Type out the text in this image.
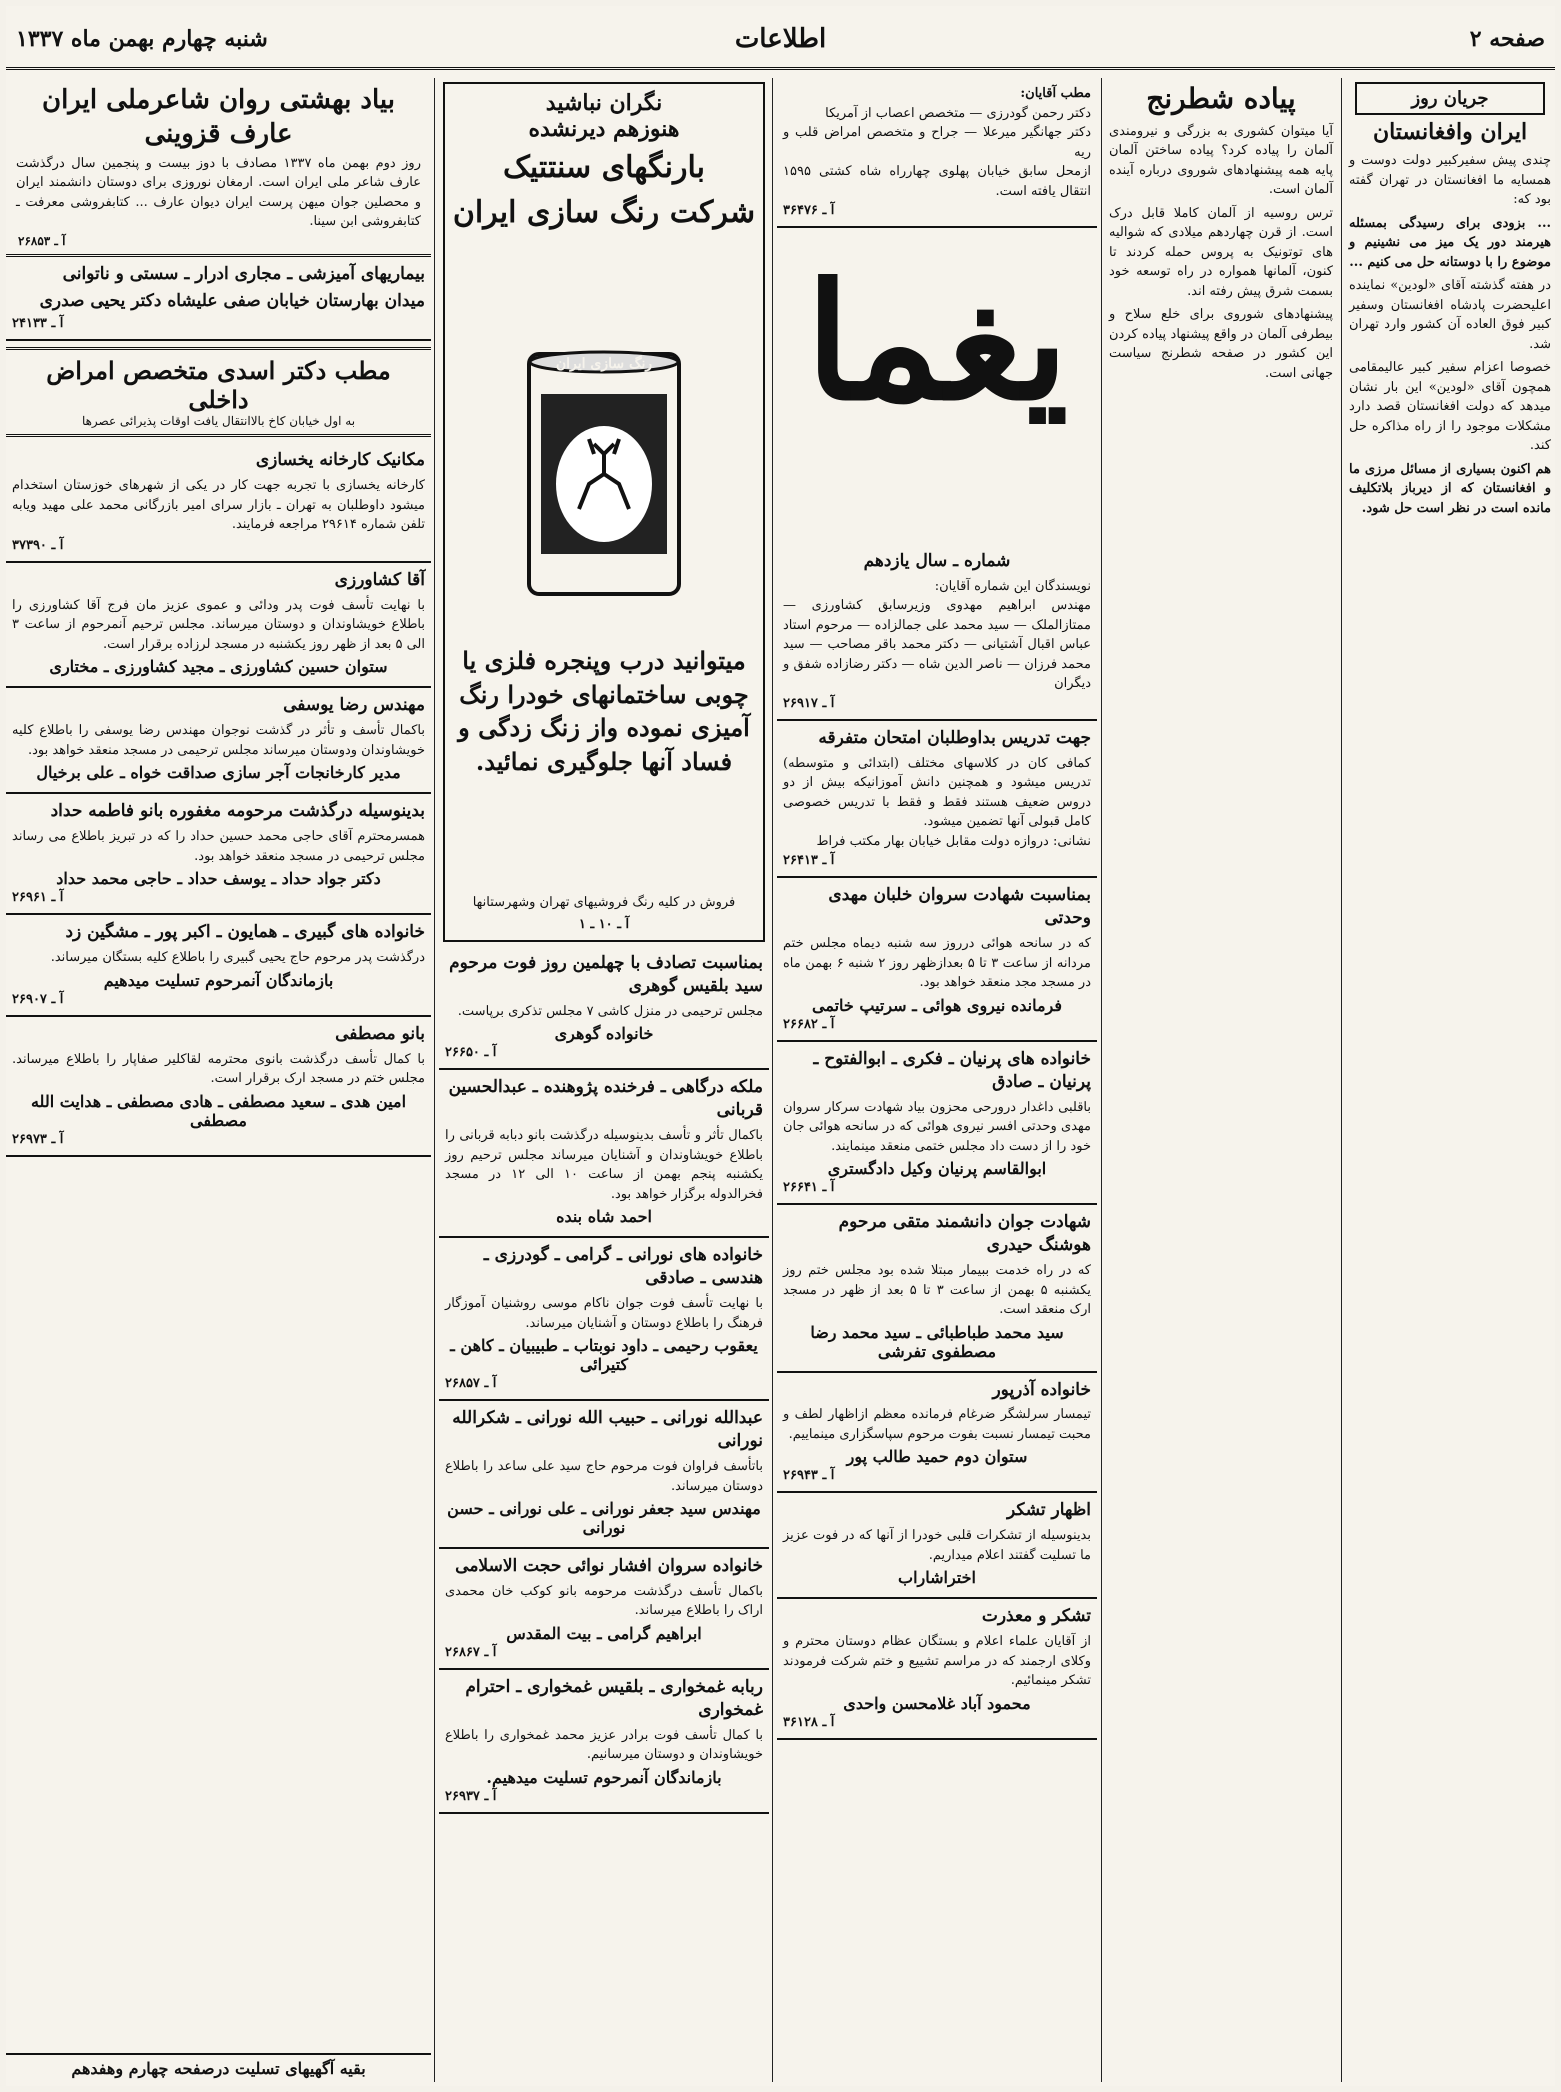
صفحه ۲
اطلاعات
شنبه چهارم بهمن ماه ۱۳۳۷
جریان روز
ایران وافغانستان

چندی پیش سفیرکبیر دولت دوست و همسایه ما افغانستان در تهران گفته بود که:

... بزودی برای رسیدگی بمسئله هیرمند دور یک میز می نشینیم و موضوع را با دوستانه حل می کنیم ...

در هفته گذشته آقای «لودین» نماینده اعلیحضرت پادشاه افغانستان وسفیر کبیر فوق العاده آن کشور وارد تهران شد.

خصوصا اعزام سفیر کبیر عالیمقامی همچون آقای «لودین» این بار نشان میدهد که دولت افغانستان قصد دارد مشکلات موجود را از راه مذاکره حل کند.

هم اکنون بسیاری از مسائل مرزی ما و افغانستان که از دیرباز بلاتکلیف مانده است در نظر است حل شود.

پیاده شطرنج

آیا میتوان کشوری به بزرگی و نیرومندی آلمان را پیاده کرد؟ پیاده ساختن آلمان پایه همه پیشنهادهای شوروی درباره آینده آلمان است.

ترس روسیه از آلمان کاملا قابل درک است. از قرن چهاردهم میلادی که شوالیه های توتونیک به پروس حمله کردند تا کنون، آلمانها همواره در راه توسعه خود بسمت شرق پیش رفته اند.

پیشنهادهای شوروی برای خلع سلاح و بیطرفی آلمان در واقع پیشنهاد پیاده کردن این کشور در صفحه شطرنج سیاست جهانی است.

مطب آقایان:
دکتر رحمن گودرزی — متخصص اعصاب از آمریکا
دکتر جهانگیر میرعلا — جراح و متخصص امراض قلب و ریه
ازمحل سابق خیابان پهلوی چهارراه شاه کشتی ۱۵۹۵ انتقال یافته است.
آ ـ ۳۶۴۷۶
یغما
شماره ـ سال یازدهم
نویسندگان این شماره آقایان:
مهندس ابراهیم مهدوی وزیرسابق کشاورزی — ممتازالملک — سید محمد علی جمالزاده — مرحوم استاد عباس اقبال آشتیانی — دکتر محمد باقر مصاحب — سید محمد فرزان — ناصر الدین شاه — دکتر رضازاده شفق و دیگران
آ ـ ۲۶۹۱۷
جهت تدریس بداوطلبان امتحان متفرقه
کمافی کان در کلاسهای مختلف (ابتدائی و متوسطه) تدریس میشود و همچنین دانش آموزانیکه بیش از دو دروس ضعیف هستند فقط و فقط با تدریس خصوصی کامل قبولی آنها تضمین میشود.
نشانی: دروازه دولت مقابل خیابان بهار مکتب فراط
آ ـ ۲۶۴۱۳
بمناسبت شهادت سروان خلبان مهدی وحدتی
که در سانحه هوائی درروز سه شنبه دیماه مجلس ختم مردانه از ساعت ۳ تا ۵ بعدازظهر روز ۲ شنبه ۶ بهمن ماه در مسجد مجد منعقد خواهد بود.
فرمانده نیروی هوائی ـ سرتیپ خاتمی
آ ـ ۲۶۶۸۲
خانواده های پرنیان ـ فکری ـ ابوالفتوح ـ پرنیان ـ صادق
باقلبی داغدار درورحی محزون بیاد شهادت سرکار سروان مهدی وحدتی افسر نیروی هوائی که در سانحه هوائی جان خود را از دست داد مجلس ختمی منعقد مینمایند.
ابوالقاسم پرنیان وکیل دادگستری
آ ـ ۲۶۶۴۱
شهادت جوان دانشمند متقی مرحوم هوشنگ حیدری
که در راه خدمت ببیمار مبتلا شده بود مجلس ختم روز یکشنبه ۵ بهمن از ساعت ۳ تا ۵ بعد از ظهر در مسجد ارک منعقد است.
سید محمد طباطبائی ـ سید محمد رضا مصطفوی تفرشی
خانواده آذرپور
تیمسار سرلشگر ضرغام فرمانده معظم ازاظهار لطف و محبت تیمسار نسبت بفوت مرحوم سپاسگزاری مینماییم.
ستوان دوم حمید طالب پور
آ ـ ۲۶۹۴۳
اظهار تشکر
بدینوسیله از تشکرات قلبی خودرا از آنها که در فوت عزیز ما تسلیت گفتند اعلام میداریم.
اختراشاراب
تشکر و معذرت
از آقایان علماء اعلام و بستگان عظام دوستان محترم و وکلای ارجمند که در مراسم تشییع و ختم شرکت فرمودند تشکر مینمائیم.
محمود آباد غلامحسن واحدی
آ ـ ۳۶۱۲۸
نگران نباشید
هنوزهم دیرنشده
بارنگهای سنتتیک
شرکت رنگ سازی ایران
رنگ سازی ایران
میتوانید درب وپنجره فلزی یا چوبی ساختمانهای خودرا رنگ آمیزی نموده واز زنگ زدگی و فساد آنها جلوگیری نمائید.
فروش در کلیه رنگ فروشیهای تهران وشهرستانها
آ ـ ۱۰ ـ ۱
بمناسبت تصادف با چهلمین روز فوت مرحوم سید بلقیس گوهری
مجلس ترحیمی در منزل کاشی ۷ مجلس تذکری برپاست.
خانواده گوهری
آ ـ ۲۶۶۵۰
ملکه درگاهی ـ فرخنده پژوهنده ـ عبدالحسین قربانی
باکمال تأثر و تأسف بدینوسیله درگذشت بانو دبابه قربانی را باطلاع خویشاوندان و آشنایان میرساند مجلس ترحیم روز یکشنبه پنجم بهمن از ساعت ۱۰ الی ۱۲ در مسجد فخرالدوله برگزار خواهد بود.
احمد شاه بنده
خانواده های نورانی ـ گرامی ـ گودرزی ـ هندسی ـ صادقی
با نهایت تأسف فوت جوان ناکام موسی روشنیان آموزگار فرهنگ را باطلاع دوستان و آشنایان میرساند.
یعقوب رحیمی ـ داود نوبتاب ـ طبیبیان ـ کاهن ـ کتیرائی
آ ـ ۲۶۸۵۷
عبدالله نورانی ـ حبیب الله نورانی ـ شکرالله نورانی
باتأسف فراوان فوت مرحوم حاج سید علی ساعد را باطلاع دوستان میرساند.
مهندس سید جعفر نورانی ـ علی نورانی ـ حسن نورانی
خانواده سروان افشار نوائی حجت الاسلامی
باکمال تأسف درگذشت مرحومه بانو کوکب خان محمدی اراک را باطلاع میرساند.
ابراهیم گرامی ـ بیت المقدس
آ ـ ۲۶۸۶۷
ربابه غمخواری ـ بلقیس غمخواری ـ احترام غمخواری
با کمال تأسف فوت برادر عزیز محمد غمخواری را باطلاع خویشاوندان و دوستان میرسانیم.
بازماندگان آنمرحوم تسلیت میدهیم.
آ ـ ۲۶۹۳۷
بیاد بهشتی روان شاعرملی ایران عارف قزوینی
روز دوم بهمن ماه ۱۳۳۷ مصادف با دوز بیست و پنجمین سال درگذشت عارف شاعر ملی ایران است. ارمغان نوروزی برای دوستان دانشمند ایران و محصلین جوان میهن پرست ایران دیوان عارف ... کتابفروشی معرفت ـ کتابفروشی ابن سینا.
آ ـ ۲۶۸۵۳
بیماریهای آمیزشی ـ مجاری ادرار ـ سستی و ناتوانی
میدان بهارستان خیابان صفی علیشاه دکتر یحیی صدری
آ ـ ۲۴۱۳۳
مطب دکتر اسدی متخصص امراض داخلی
به اول خیابان کاخ بالاانتقال یافت اوقات پذیرائی عصرها
مکانیک کارخانه یخسازی
کارخانه یخسازی با تجربه جهت کار در یکی از شهرهای خوزستان استخدام میشود داوطلبان به تهران ـ بازار سرای امیر بازرگانی محمد علی مهید ویابه تلفن شماره ۲۹۶۱۴ مراجعه فرمایند.
آ ـ ۳۷۳۹۰
آقا کشاورزی
با نهایت تأسف فوت پدر ودائی و عموی عزیز مان فرج آقا کشاورزی را باطلاع خویشاوندان و دوستان میرساند. مجلس ترحیم آنمرحوم از ساعت ۳ الی ۵ بعد از ظهر روز یکشنبه در مسجد لرزاده برقرار است.
ستوان حسین کشاورزی ـ مجید کشاورزی ـ مختاری
مهندس رضا یوسفی
باکمال تأسف و تأثر در گذشت نوجوان مهندس رضا یوسفی را باطلاع کلیه خویشاوندان ودوستان میرساند مجلس ترحیمی در مسجد منعقد خواهد بود.
مدیر کارخانجات آجر سازی صداقت خواه ـ علی برخیال
بدینوسیله درگذشت مرحومه مغفوره بانو فاطمه حداد
همسرمحترم آقای حاجی محمد حسین حداد را که در تبریز باطلاع می رساند مجلس ترحیمی در مسجد منعقد خواهد بود.
دکتر جواد حداد ـ یوسف حداد ـ حاجی محمد حداد
آ ـ ۲۶۹۶۱
خانواده های گبیری ـ همایون ـ اکبر پور ـ مشگین زد
درگذشت پدر مرحوم حاج یحیی گبیری را باطلاع کلیه بستگان میرساند.
بازماندگان آنمرحوم تسلیت میدهیم
آ ـ ۲۶۹۰۷
بانو مصطفی
با کمال تأسف درگذشت بانوی محترمه لقاکلیر صفاپار را باطلاع میرساند. مجلس ختم در مسجد ارک برقرار است.
امین هدی ـ سعید مصطفی ـ هادی مصطفی ـ هدایت الله مصطفی
آ ـ ۲۶۹۷۳
بقیه آگهیهای تسلیت درصفحه چهارم وهفدهم
